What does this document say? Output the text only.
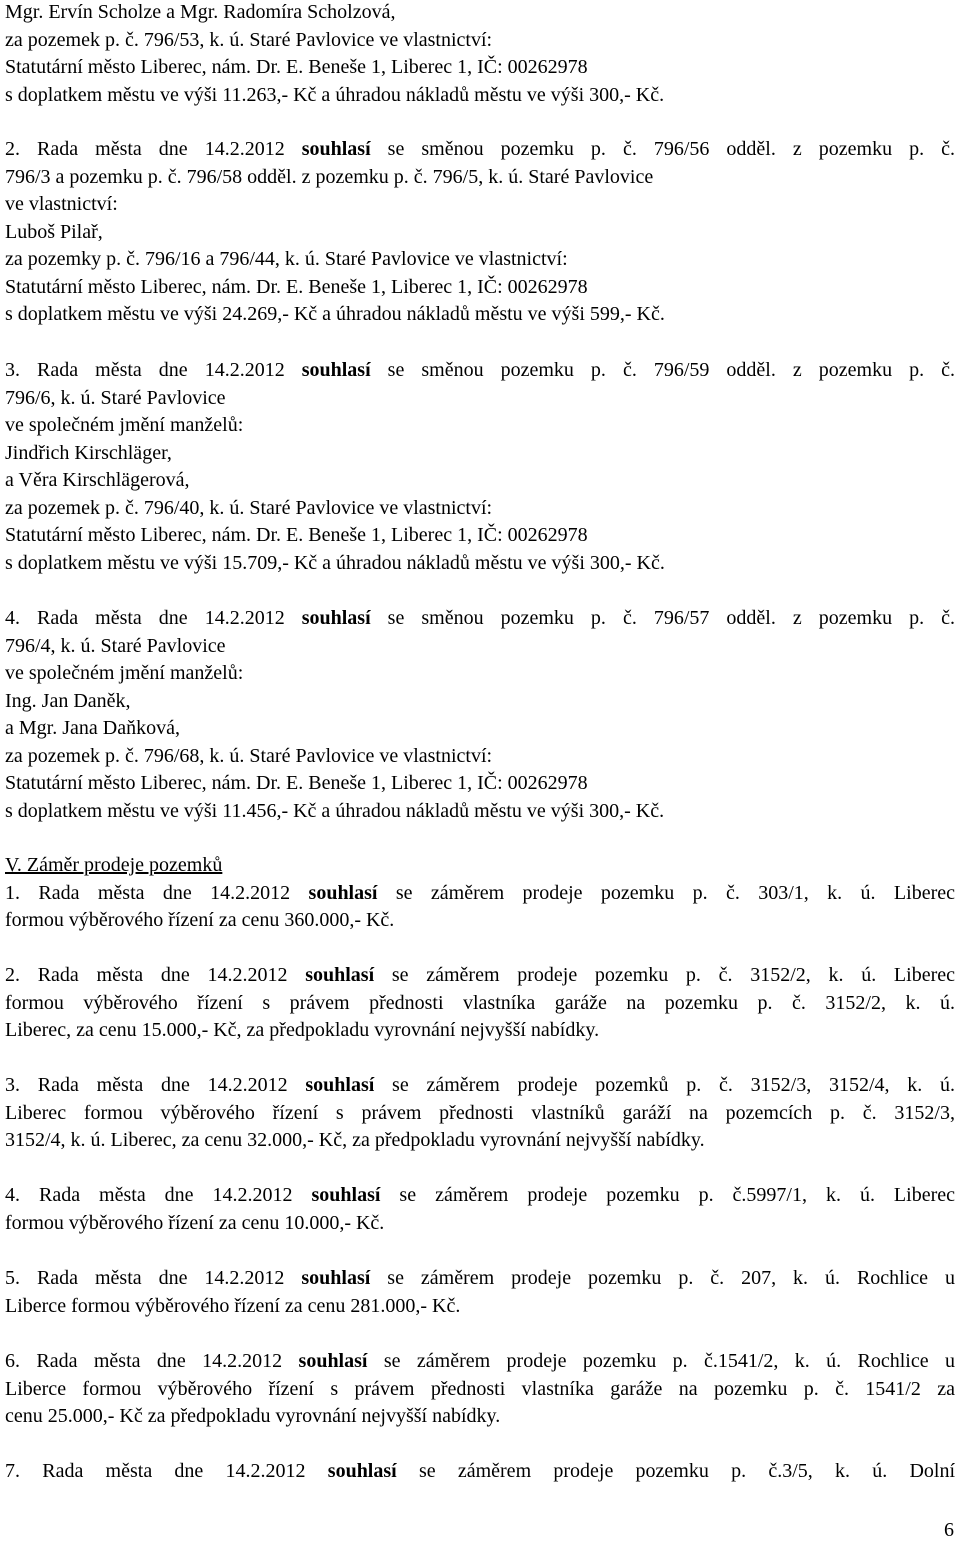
Mgr. Ervín Scholze a Mgr. Radomíra Scholzová,
za pozemek p. č. 796/53, k. ú. Staré Pavlovice ve vlastnictví:
Statutární město Liberec, nám. Dr. E. Beneše 1, Liberec 1, IČ: 00262978
s doplatkem městu ve výši 11.263,- Kč a úhradou nákladů městu ve výši 300,- Kč.
2. Rada města dne 14.2.2012 souhlasí se směnou pozemku p. č. 796/56 odděl. z pozemku p. č.
796/3 a pozemku p. č. 796/58 odděl. z pozemku p. č. 796/5, k. ú. Staré Pavlovice
ve vlastnictví:
Luboš Pilař,
za pozemky p. č. 796/16 a 796/44, k. ú. Staré Pavlovice ve vlastnictví:
Statutární město Liberec, nám. Dr. E. Beneše 1, Liberec 1, IČ: 00262978
s doplatkem městu ve výši 24.269,- Kč a úhradou nákladů městu ve výši 599,- Kč.
3. Rada města dne 14.2.2012 souhlasí se směnou pozemku p. č. 796/59 odděl. z pozemku p. č.
796/6, k. ú. Staré Pavlovice
ve společném jmění manželů:
Jindřich Kirschläger,
a Věra Kirschlägerová,
za pozemek p. č. 796/40, k. ú. Staré Pavlovice ve vlastnictví:
Statutární město Liberec, nám. Dr. E. Beneše 1, Liberec 1, IČ: 00262978
s doplatkem městu ve výši 15.709,- Kč a úhradou nákladů městu ve výši 300,- Kč.
4. Rada města dne 14.2.2012 souhlasí se směnou pozemku p. č. 796/57 odděl. z pozemku p. č.
796/4, k. ú. Staré Pavlovice
ve společném jmění manželů:
Ing. Jan Daněk,
a Mgr. Jana Daňková,
za pozemek p. č. 796/68, k. ú. Staré Pavlovice ve vlastnictví:
Statutární město Liberec, nám. Dr. E. Beneše 1, Liberec 1, IČ: 00262978
s doplatkem městu ve výši 11.456,- Kč a úhradou nákladů městu ve výši 300,- Kč.
V. Záměr prodeje pozemků
1. Rada města dne 14.2.2012 souhlasí se záměrem prodeje pozemku p. č. 303/1, k. ú. Liberec
formou výběrového řízení za cenu 360.000,- Kč.
2. Rada města dne 14.2.2012 souhlasí se záměrem prodeje pozemku p. č. 3152/2, k. ú. Liberec
formou výběrového řízení s právem přednosti vlastníka garáže na pozemku p. č. 3152/2, k. ú.
Liberec, za cenu 15.000,- Kč, za předpokladu vyrovnání nejvyšší nabídky.
3. Rada města dne 14.2.2012 souhlasí se záměrem prodeje pozemků p. č. 3152/3, 3152/4, k. ú.
Liberec formou výběrového řízení s právem přednosti vlastníků garáží na pozemcích p. č. 3152/3,
3152/4, k. ú. Liberec, za cenu 32.000,- Kč, za předpokladu vyrovnání nejvyšší nabídky.
4. Rada města dne 14.2.2012 souhlasí se záměrem prodeje pozemku p. č.5997/1, k. ú. Liberec
formou výběrového řízení za cenu 10.000,- Kč.
5. Rada města dne 14.2.2012 souhlasí se záměrem prodeje pozemku p. č. 207, k. ú. Rochlice u
Liberce formou výběrového řízení za cenu 281.000,- Kč.
6. Rada města dne 14.2.2012 souhlasí se záměrem prodeje pozemku p. č.1541/2, k. ú. Rochlice u
Liberce formou výběrového řízení s právem přednosti vlastníka garáže na pozemku p. č. 1541/2 za
cenu 25.000,- Kč za předpokladu vyrovnání nejvyšší nabídky.
7. Rada města dne 14.2.2012 souhlasí se záměrem prodeje pozemku p. č.3/5, k. ú. Dolní
6
